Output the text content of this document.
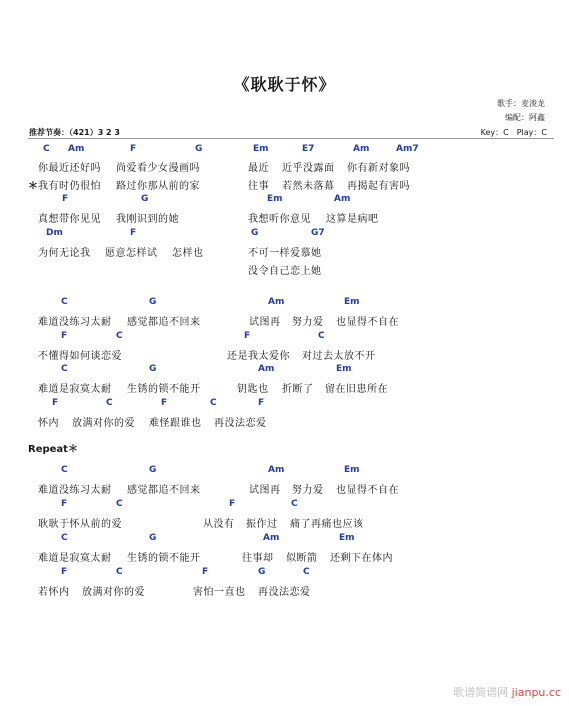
《耿耿于怀》
歌手：麦浚龙
编配：阿鑫
推荐节奏：（421）3 2 3	Key：C　Play：C
C Am	F	G	Em	E7	Am	Am7
你最近还好吗 尚爱看少女漫画吗	最近 近乎没露面 你有新对象吗
＊ 我有时仍很怕 路过你那从前的家	往事 若然未落幕 再揭起有害吗
F	G	Em	Am
真想带你见见 我刚识到的她	我想听你意见 这算是病吧
Dm	F	G	G7
为何无论我 愿意怎样试 怎样也	不可一样爱慕她
没令自己恋上她
C	G	Am	Em
难道没练习太耐 感觉都追不回来	试图再 努力爱 也显得不自在
F	C	F	C
不懂得如何谈恋爱	还是我太爱你 对过去太放不开
C	G	Am	Em
难道是寂寞太耐 生锈的锁不能开	钥匙也 折断了 留在旧患所在
F	C	F	C	F
怀内 放满对你的爱 难怪跟谁也 再没法恋爱
C	G	Am	Em
难道没练习太耐 感觉都追不回来	试图再 努力爱 也显得不自在
F	C	F	C
耿耿于怀从前的爱	从没有 振作过 痛了再痛也应该
C	G	Am	Em
难道是寂寞太耐 生锈的锁不能开	往事却 似断箭 还剩下在体内
F	C	F	G	C
若怀内 放满对你的爱	害怕一直也 再没法恋爱
Repeat＊
歌谱简谱网 jianpu.cc
